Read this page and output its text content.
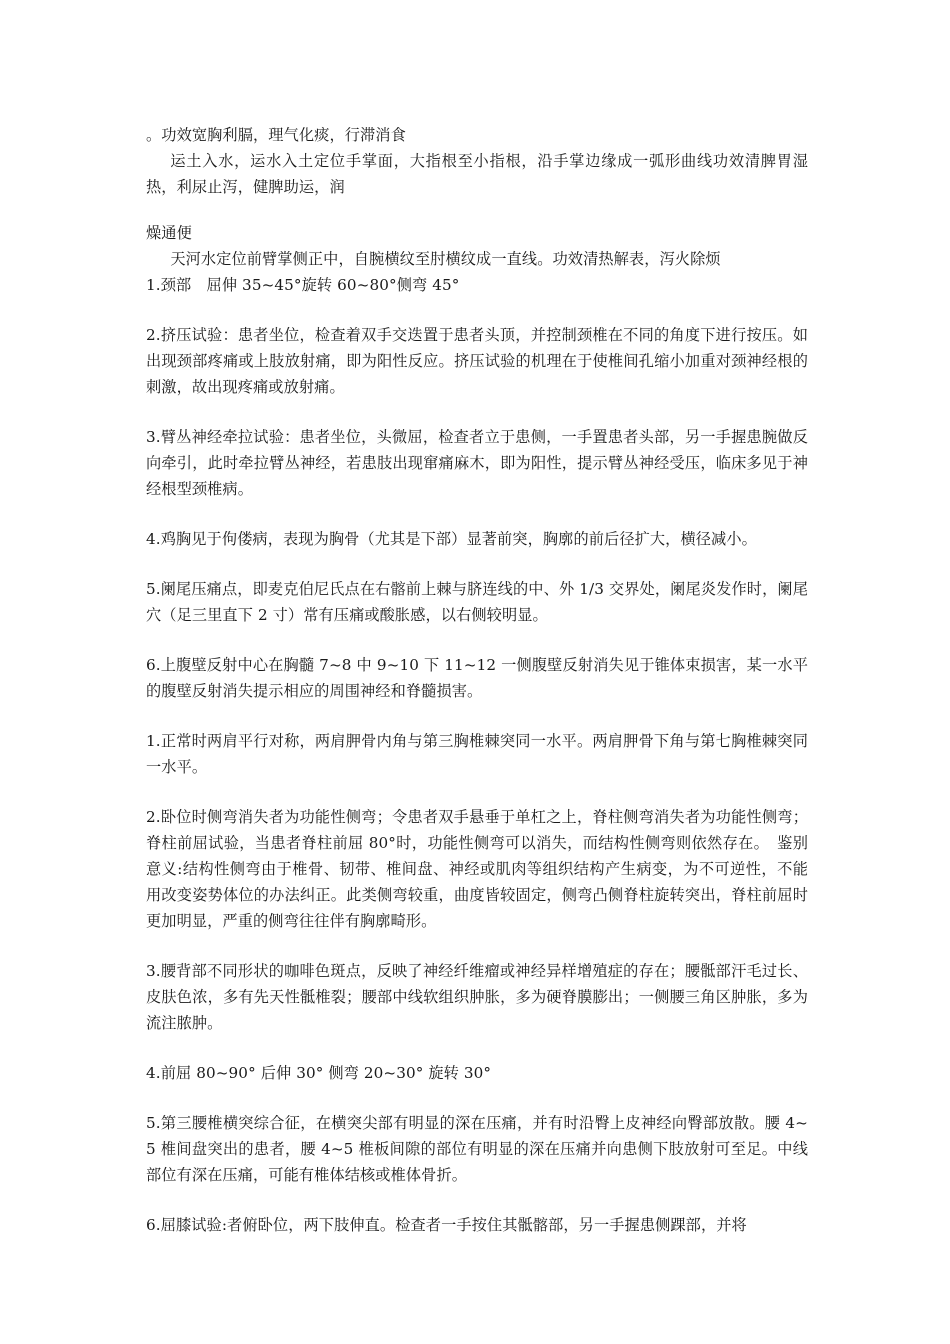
。功效宽胸利膈，理气化痰，行滞消食

运土入水，运水入土定位手掌面，大指根至小指根，沿手掌边缘成一弧形曲线功效清脾胃湿热，利尿止泻，健脾助运，润

燥通便

天河水定位前臂掌侧正中，自腕横纹至肘横纹成一直线。功效清热解表，泻火除烦

1.颈部　屈伸 35~45°旋转 60~80°侧弯 45°

2.挤压试验：患者坐位，检查着双手交迭置于患者头顶，并控制颈椎在不同的角度下进行按压。如出现颈部疼痛或上肢放射痛，即为阳性反应。挤压试验的机理在于使椎间孔缩小加重对颈神经根的刺激，故出现疼痛或放射痛。

3.臂丛神经牵拉试验：患者坐位，头微屈，检查者立于患侧，一手置患者头部，另一手握患腕做反向牵引，此时牵拉臂丛神经，若患肢出现窜痛麻木，即为阳性，提示臂丛神经受压，临床多见于神经根型颈椎病。

4.鸡胸见于佝偻病，表现为胸骨（尤其是下部）显著前突，胸廓的前后径扩大，横径减小。

5.阑尾压痛点，即麦克伯尼氏点在右髂前上棘与脐连线的中、外 1/3 交界处，阑尾炎发作时，阑尾穴（足三里直下 2 寸）常有压痛或酸胀感，以右侧较明显。

6.上腹壁反射中心在胸髓 7~8 中 9~10 下 11~12 一侧腹壁反射消失见于锥体束损害，某一水平的腹壁反射消失提示相应的周围神经和脊髓损害。

1.正常时两肩平行对称，两肩胛骨内角与第三胸椎棘突同一水平。两肩胛骨下角与第七胸椎棘突同一水平。

2.卧位时侧弯消失者为功能性侧弯；令患者双手悬垂于单杠之上，脊柱侧弯消失者为功能性侧弯；脊柱前屈试验，当患者脊柱前屈 80°时，功能性侧弯可以消失，而结构性侧弯则依然存在。　鉴别意义:结构性侧弯由于椎骨、韧带、椎间盘、神经或肌肉等组织结构产生病变，为不可逆性，不能用改变姿势体位的办法纠正。此类侧弯较重，曲度皆较固定，侧弯凸侧脊柱旋转突出，脊柱前屈时更加明显，严重的侧弯往往伴有胸廓畸形。

3.腰背部不同形状的咖啡色斑点，反映了神经纤维瘤或神经异样增殖症的存在；腰骶部汗毛过长、皮肤色浓，多有先天性骶椎裂；腰部中线软组织肿胀，多为硬脊膜膨出；一侧腰三角区肿胀，多为流注脓肿。

4.前屈 80~90° 后伸 30° 侧弯 20~30° 旋转 30°

5.第三腰椎横突综合征，在横突尖部有明显的深在压痛，并有时沿臀上皮神经向臀部放散。腰 4~5 椎间盘突出的患者，腰 4~5 椎板间隙的部位有明显的深在压痛并向患侧下肢放射可至足。中线部位有深在压痛，可能有椎体结核或椎体骨折。

6.屈膝试验:者俯卧位，两下肢伸直。检查者一手按住其骶髂部，另一手握患侧踝部，并将
